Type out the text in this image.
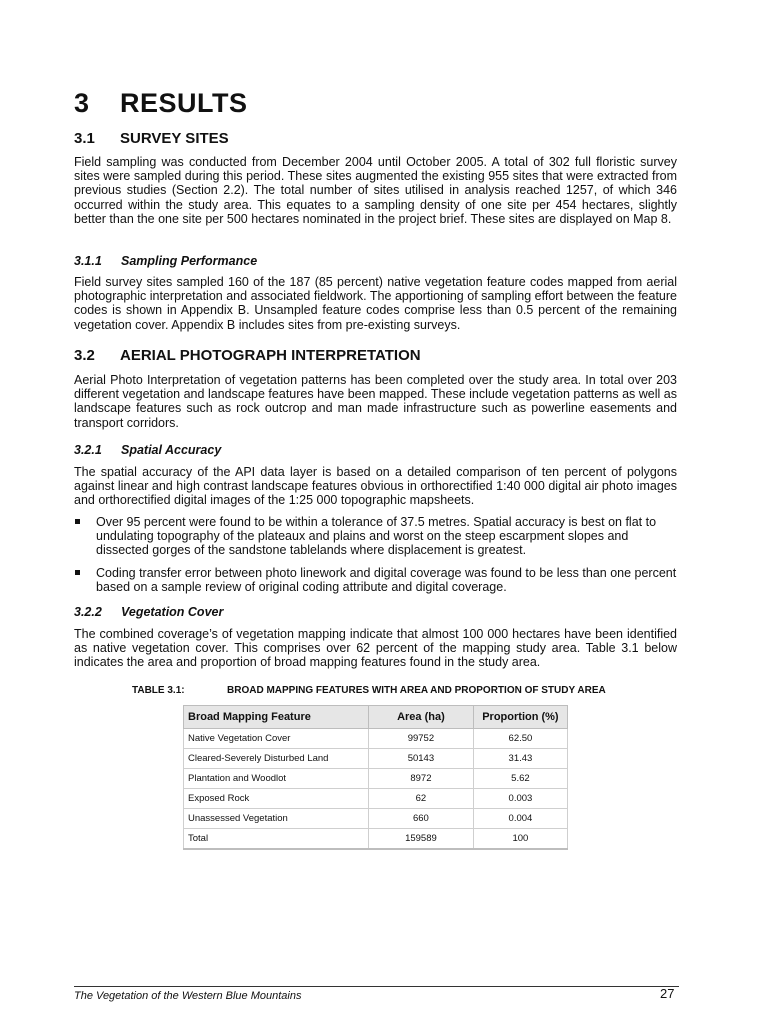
3 RESULTS
3.1 SURVEY SITES

Field sampling was conducted from December 2004 until October 2005. A total of 302 full floristic survey sites were sampled during this period. These sites augmented the existing 955 sites that were extracted from previous studies (Section 2.2). The total number of sites utilised in analysis reached 1257, of which 346 occurred within the study area. This equates to a sampling density of one site per 454 hectares, slightly better than the one site per 500 hectares nominated in the project brief. These sites are displayed on Map 8.

3.1.1 Sampling Performance

Field survey sites sampled 160 of the 187 (85 percent) native vegetation feature codes mapped from aerial photographic interpretation and associated fieldwork. The apportioning of sampling effort between the feature codes is shown in Appendix B. Unsampled feature codes comprise less than 0.5 percent of the remaining vegetation cover. Appendix B includes sites from pre-existing surveys.

3.2 AERIAL PHOTOGRAPH INTERPRETATION

Aerial Photo Interpretation of vegetation patterns has been completed over the study area. In total over 203 different vegetation and landscape features have been mapped. These include vegetation patterns as well as landscape features such as rock outcrop and man made infrastructure such as powerline easements and transport corridors.

3.2.1 Spatial Accuracy

The spatial accuracy of the API data layer is based on a detailed comparison of ten percent of polygons against linear and high contrast landscape features obvious in orthorectified 1:40 000 digital air photo images and orthorectified digital images of the 1:25 000 topographic mapsheets.

Over 95 percent were found to be within a tolerance of 37.5 metres. Spatial accuracy is best on flat to undulating topography of the plateaux and plains and worst on the steep escarpment slopes and dissected gorges of the sandstone tablelands where displacement is greatest.
Coding transfer error between photo linework and digital coverage was found to be less than one percent based on a sample review of original coding attribute and digital coverage.
3.2.2 Vegetation Cover

The combined coverage’s of vegetation mapping indicate that almost 100 000 hectares have been identified as native vegetation cover. This comprises over 62 percent of the mapping study area. Table 3.1 below indicates the area and proportion of broad mapping features found in the study area.

TABLE 3.1:	BROAD MAPPING FEATURES WITH AREA AND PROPORTION OF STUDY AREA
Broad Mapping Feature	Area (ha)	Proportion (%)
Native Vegetation Cover	99752	62.50
Cleared-Severely Disturbed Land	50143	31.43
Plantation and Woodlot	8972	5.62
Exposed Rock	62	0.003
Unassessed Vegetation	660	0.004
Total	159589	100
The Vegetation of the Western Blue Mountains	27
